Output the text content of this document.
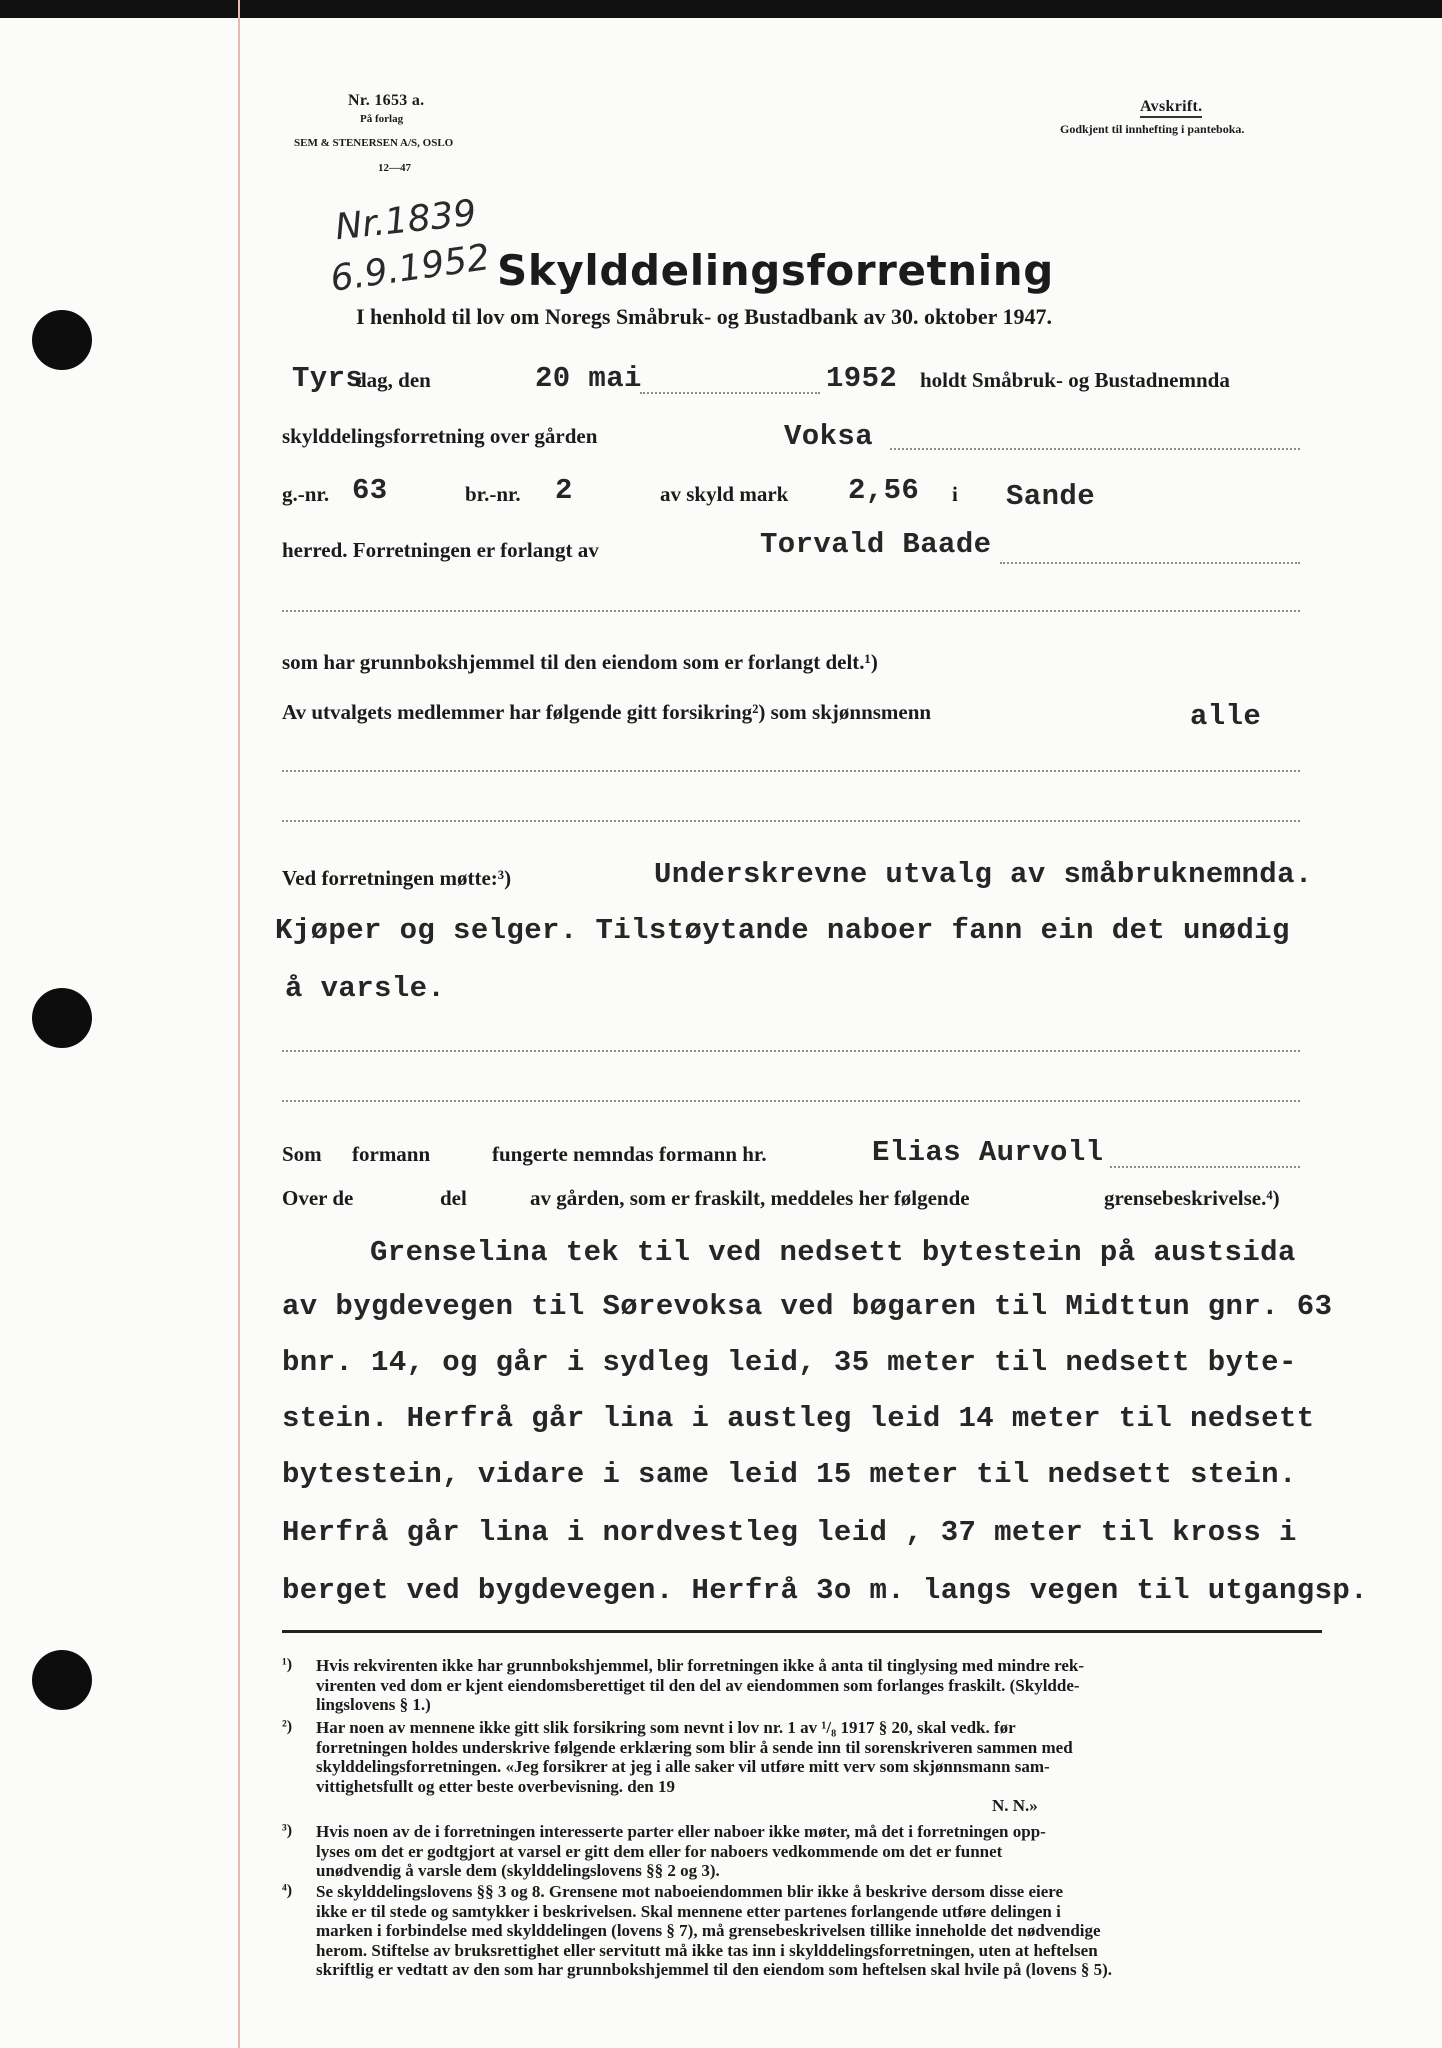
Nr. 1653 a.
På forlag
SEM & STENERSEN A/S, OSLO
12—47
Avskrift.
Godkjent til innhefting i panteboka.
Nr.1839
6.9.1952 Skylddelingsforretning
I henhold til lov om Noregs Småbruk- og Bustadbank av 30. oktober 1947.
Tyrs
dag, den	20 mai	1952 holdt Småbruk- og Bustadnemnda
skylddelingsforretning over gården	Voksa
g.-nr. 63	br.-nr. 2	av skyld mark 2,56 i Sande
herred. Forretningen er forlangt av	Torvald Baade
som har grunnbokshjemmel til den eiendom som er forlangt delt.¹)
Av utvalgets medlemmer har følgende gitt forsikring²) som skjønnsmenn	alle
Ved forretningen møtte:³)	Underskrevne utvalg av småbruknemnda.
Kjøper og selger. Tilstøytande naboer fann ein det unødig
å varsle.
Som formann	fungerte nemndas formann hr.	Elias Aurvoll
Over de	del	av gården, som er fraskilt, meddeles her følgende	grensebeskrivelse.⁴)
Grenselina tek til ved nedsett bytestein på austsida
av bygdevegen til Sørevoksa ved bøgaren til Midttun gnr. 63
bnr. 14, og går i sydleg leid, 35 meter til nedsett byte-
stein. Herfrå går lina i austleg leid 14 meter til nedsett
bytestein, vidare i same leid 15 meter til nedsett stein.
Herfrå går lina i nordvestleg leid , 37 meter til kross i
berget ved bygdevegen. Herfrå 3o m. langs vegen til utgangsp.
¹) Hvis rekvirenten ikke har grunnbokshjemmel, blir forretningen ikke å anta til tinglysing med mindre rek-
virenten ved dom er kjent eiendomsberettiget til den del av eiendommen som forlanges fraskilt. (Skyldde-
lingslovens § 1.)
²) Har noen av mennene ikke gitt slik forsikring som nevnt i lov nr. 1 av ¹/₈ 1917 § 20, skal vedk. før
forretningen holdes underskrive følgende erklæring som blir å sende inn til sorenskriveren sammen med
skylddelingsforretningen. «Jeg forsikrer at jeg i alle saker vil utføre mitt verv som skjønnsmann sam-
vittighetsfullt og etter beste overbevisning. den 19
N. N.»
³) Hvis noen av de i forretningen interesserte parter eller naboer ikke møter, må det i forretningen opp-
lyses om det er godtgjort at varsel er gitt dem eller for naboers vedkommende om det er funnet
unødvendig å varsle dem (skylddelingslovens §§ 2 og 3).
⁴) Se skylddelingslovens §§ 3 og 8. Grensene mot naboeiendommen blir ikke å beskrive dersom disse eiere
ikke er til stede og samtykker i beskrivelsen. Skal mennene etter partenes forlangende utføre delingen i
marken i forbindelse med skylddelingen (lovens § 7), må grensebeskrivelsen tillike inneholde det nødvendige
herom. Stiftelse av bruksrettighet eller servitutt må ikke tas inn i skylddelingsforretningen, uten at heftelsen
skriftlig er vedtatt av den som har grunnbokshjemmel til den eiendom som heftelsen skal hvile på (lovens § 5).
